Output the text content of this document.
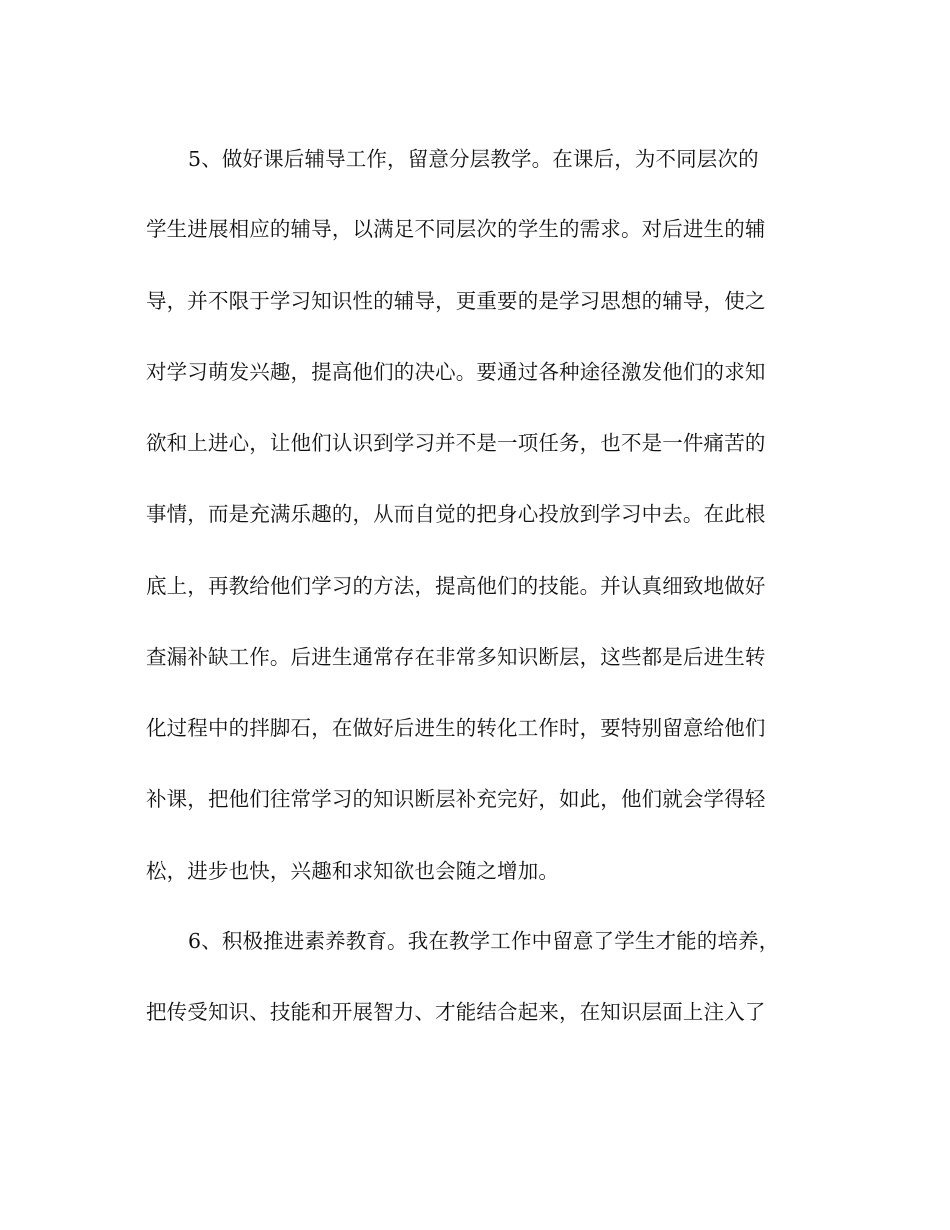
5、做好课后辅导工作，留意分层教学。在课后，为不同层次的
学生进展相应的辅导，以满足不同层次的学生的需求。对后进生的辅
导，并不限于学习知识性的辅导，更重要的是学习思想的辅导，使之
对学习萌发兴趣，提高他们的决心。要通过各种途径激发他们的求知
欲和上进心，让他们认识到学习并不是一项任务，也不是一件痛苦的
事情，而是充满乐趣的，从而自觉的把身心投放到学习中去。在此根
底上，再教给他们学习的方法，提高他们的技能。并认真细致地做好
查漏补缺工作。后进生通常存在非常多知识断层，这些都是后进生转
化过程中的拌脚石，在做好后进生的转化工作时，要特别留意给他们
补课，把他们往常学习的知识断层补充完好，如此，他们就会学得轻
松，进步也快，兴趣和求知欲也会随之增加。
6、积极推进素养教育。我在教学工作中留意了学生才能的培养，
把传受知识、技能和开展智力、才能结合起来，在知识层面上注入了
